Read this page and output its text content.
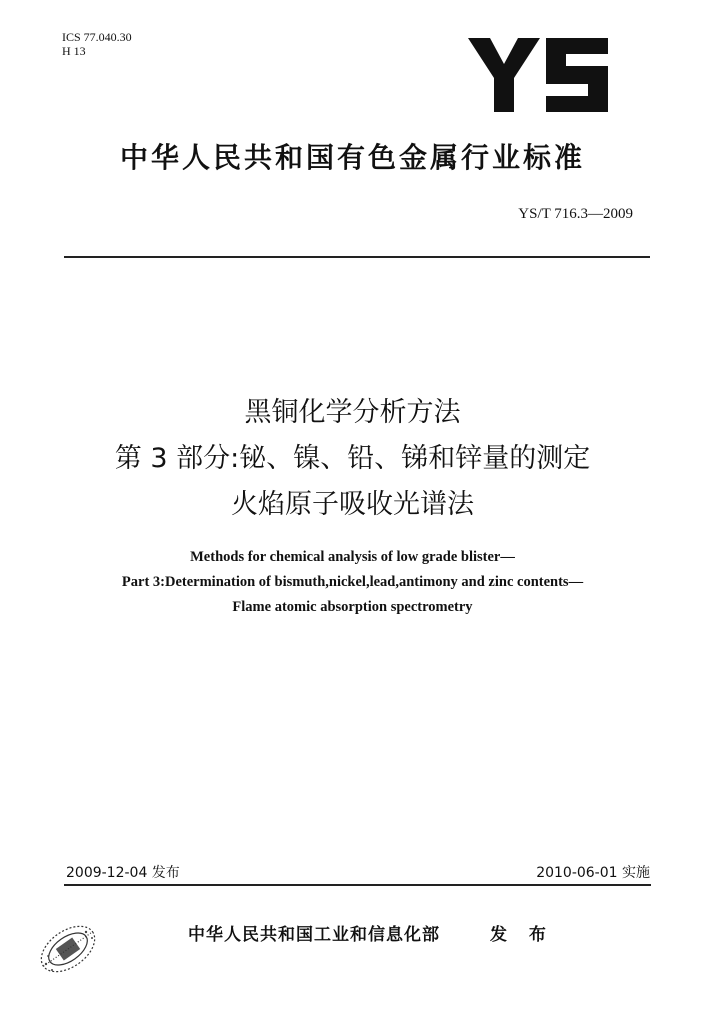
ICS 77.040.30
H 13
中华人民共和国有色金属行业标准
YS/T 716.3—2009
黑铜化学分析方法
第 3 部分:铋、镍、铅、锑和锌量的测定
火焰原子吸收光谱法
Methods for chemical analysis of low grade blister—
Part 3:Determination of bismuth,nickel,lead,antimony and zinc contents—
Flame atomic absorption spectrometry
2009-12-04 发布	2010-06-01 实施
中华人民共和国工业和信息化部	发 布
